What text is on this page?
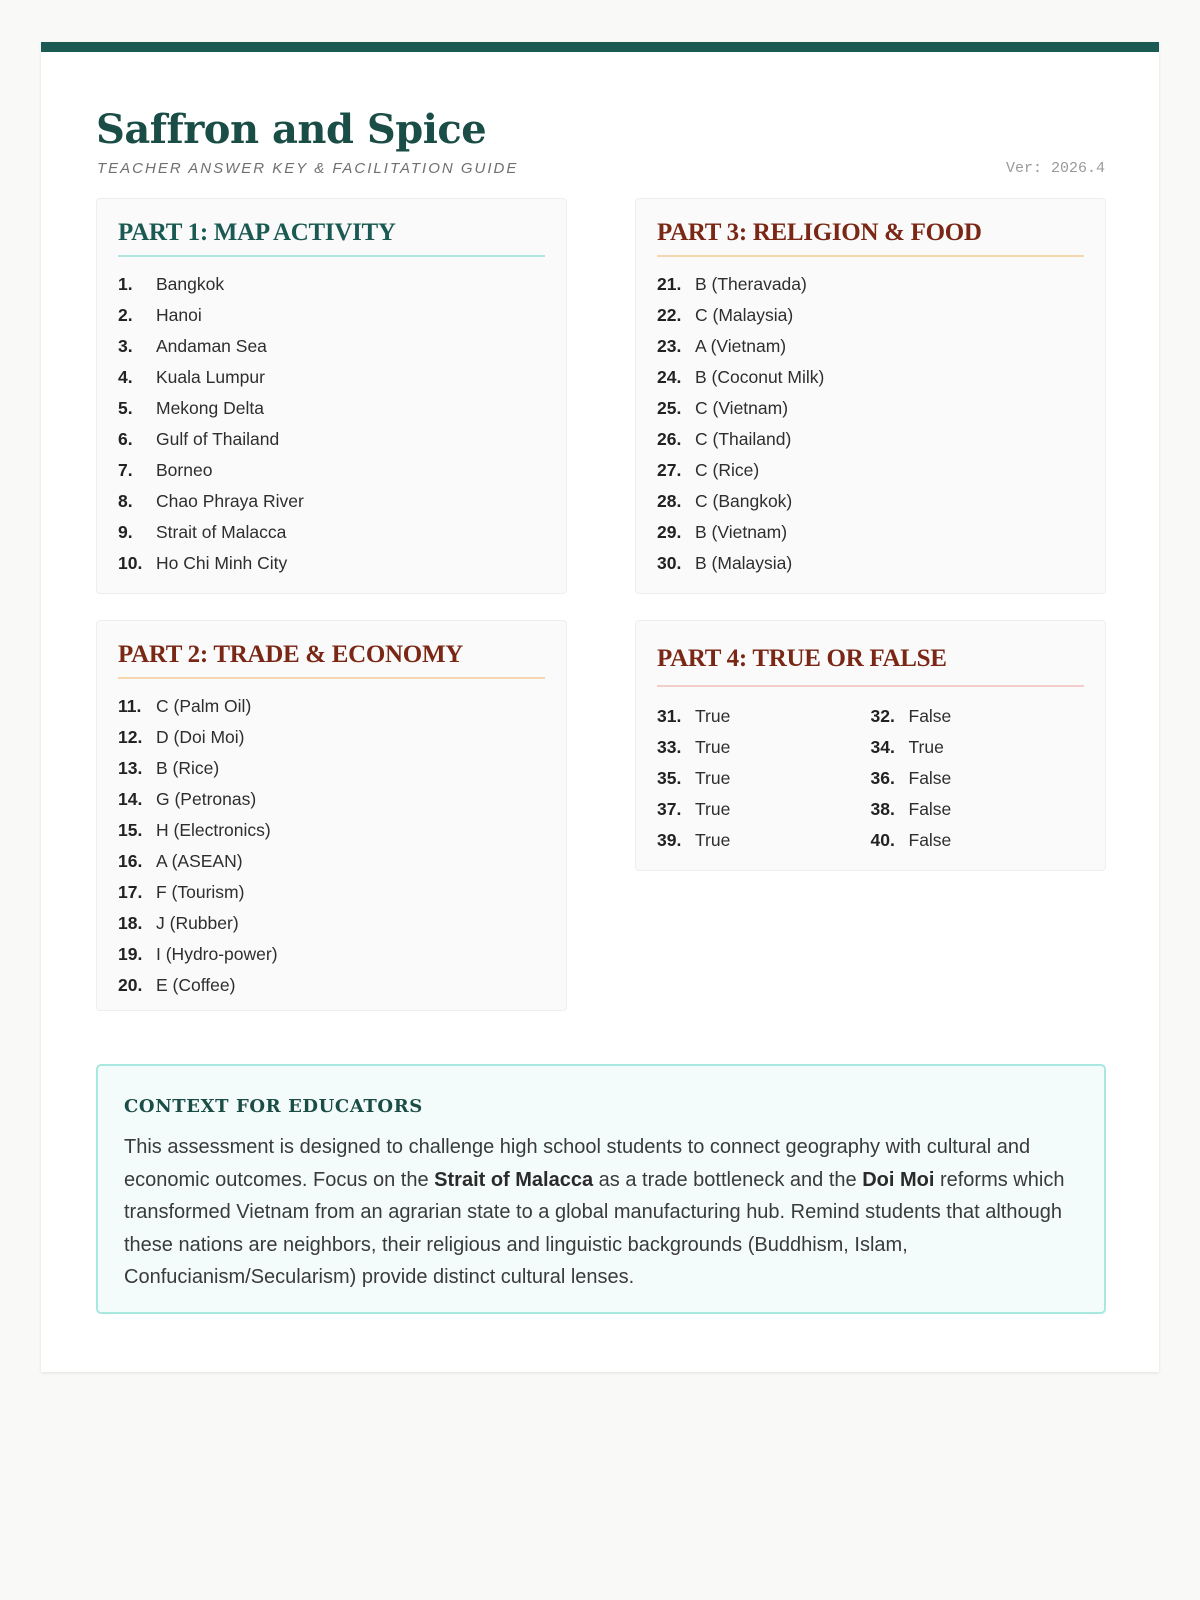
Saffron and Spice
TEACHER ANSWER KEY & FACILITATION GUIDE	Ver: 2026.4
PART 1: MAP ACTIVITY
1.	Bangkok
2.	Hanoi
3.	Andaman Sea
4.	Kuala Lumpur
5.	Mekong Delta
6.	Gulf of Thailand
7.	Borneo
8.	Chao Phraya River
9.	Strait of Malacca
10. Ho Chi Minh City
PART 3: RELIGION & FOOD
21. B (Theravada)
22. C (Malaysia)
23. A (Vietnam)
24. B (Coconut Milk)
25. C (Vietnam)
26. C (Thailand)
27. C (Rice)
28. C (Bangkok)
29. B (Vietnam)
30. B (Malaysia)
PART 2: TRADE & ECONOMY
11. C (Palm Oil)
12. D (Doi Moi)
13. B (Rice)
14. G (Petronas)
15. H (Electronics)
16. A (ASEAN)
17. F (Tourism)
18. J (Rubber)
19. I (Hydro-power)
20. E (Coffee)
PART 4: TRUE OR FALSE
31. True	32. False
33. True	34. True
35. True	36. False
37. True	38. False
39. True	40. False
CONTEXT FOR EDUCATORS

This assessment is designed to challenge high school students to connect geography with cultural and economic outcomes. Focus on the Strait of Malacca as a trade bottleneck and the Doi Moi reforms which transformed Vietnam from an agrarian state to a global manufacturing hub. Remind students that although these nations are neighbors, their religious and linguistic backgrounds (Buddhism, Islam, Confucianism/Secularism) provide distinct cultural lenses.
